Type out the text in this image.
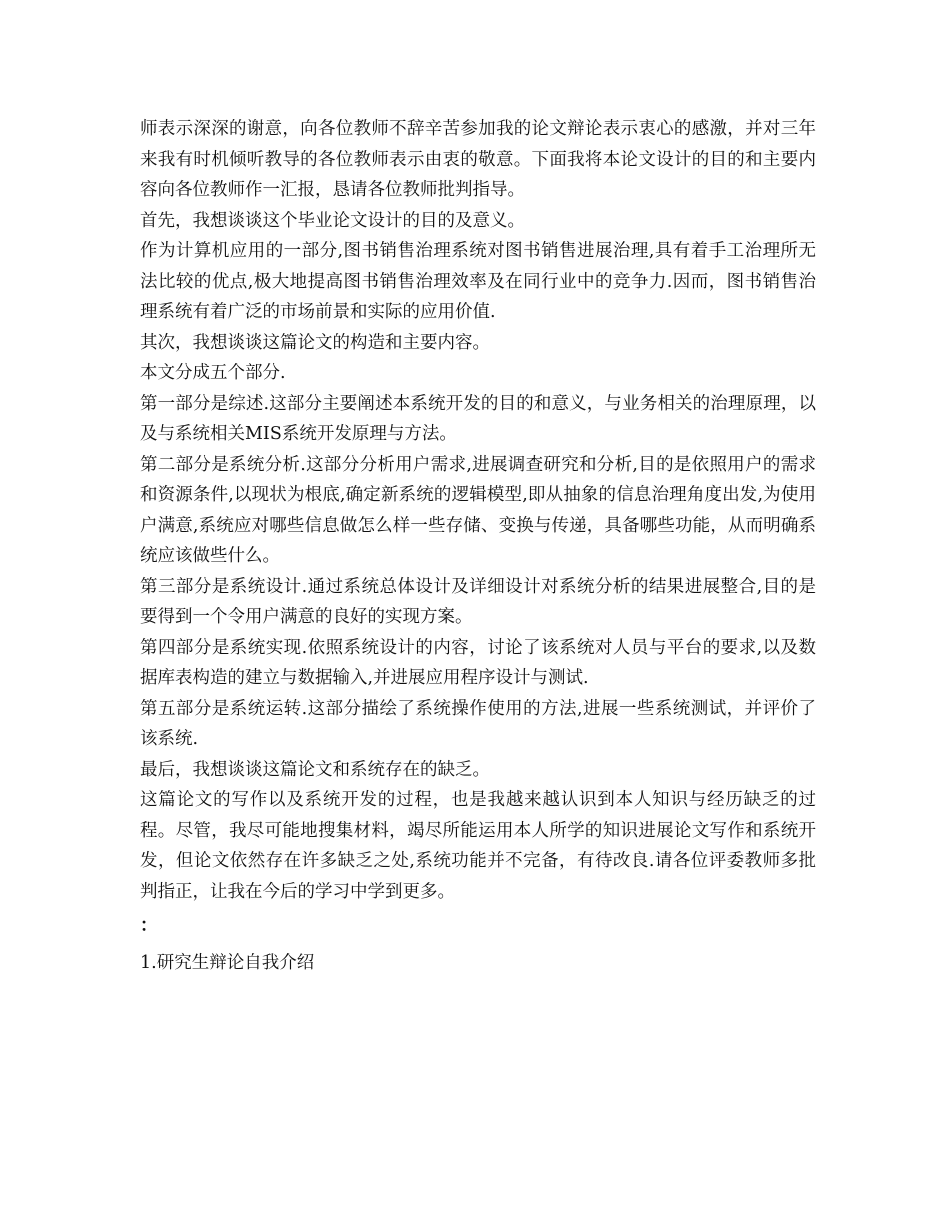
师表示深深的谢意，向各位教师不辞辛苦参加我的论文辩论表示衷心的感激，并对三年来我有时机倾听教导的各位教师表示由衷的敬意。下面我将本论文设计的目的和主要内容向各位教师作一汇报，恳请各位教师批判指导。

首先，我想谈谈这个毕业论文设计的目的及意义。

作为计算机应用的一部分,图书销售治理系统对图书销售进展治理,具有着手工治理所无法比较的优点,极大地提高图书销售治理效率及在同行业中的竞争力.因而，图书销售治理系统有着广泛的市场前景和实际的应用价值.

其次，我想谈谈这篇论文的构造和主要内容。

本文分成五个部分.

第一部分是综述.这部分主要阐述本系统开发的目的和意义，与业务相关的治理原理，以及与系统相关MIS系统开发原理与方法。

第二部分是系统分析.这部分分析用户需求,进展调查研究和分析,目的是依照用户的需求和资源条件,以现状为根底,确定新系统的逻辑模型,即从抽象的信息治理角度出发,为使用户满意,系统应对哪些信息做怎么样一些存储、变换与传递，具备哪些功能，从而明确系统应该做些什么。

第三部分是系统设计.通过系统总体设计及详细设计对系统分析的结果进展整合,目的是要得到一个令用户满意的良好的实现方案。

第四部分是系统实现.依照系统设计的内容，讨论了该系统对人员与平台的要求,以及数据库表构造的建立与数据输入,并进展应用程序设计与测试.

第五部分是系统运转.这部分描绘了系统操作使用的方法,进展一些系统测试，并评价了该系统.

最后，我想谈谈这篇论文和系统存在的缺乏。

这篇论文的写作以及系统开发的过程，也是我越来越认识到本人知识与经历缺乏的过程。尽管，我尽可能地搜集材料，竭尽所能运用本人所学的知识进展论文写作和系统开发，但论文依然存在许多缺乏之处,系统功能并不完备，有待改良.请各位评委教师多批判指正，让我在今后的学习中学到更多。

：

1.研究生辩论自我介绍
